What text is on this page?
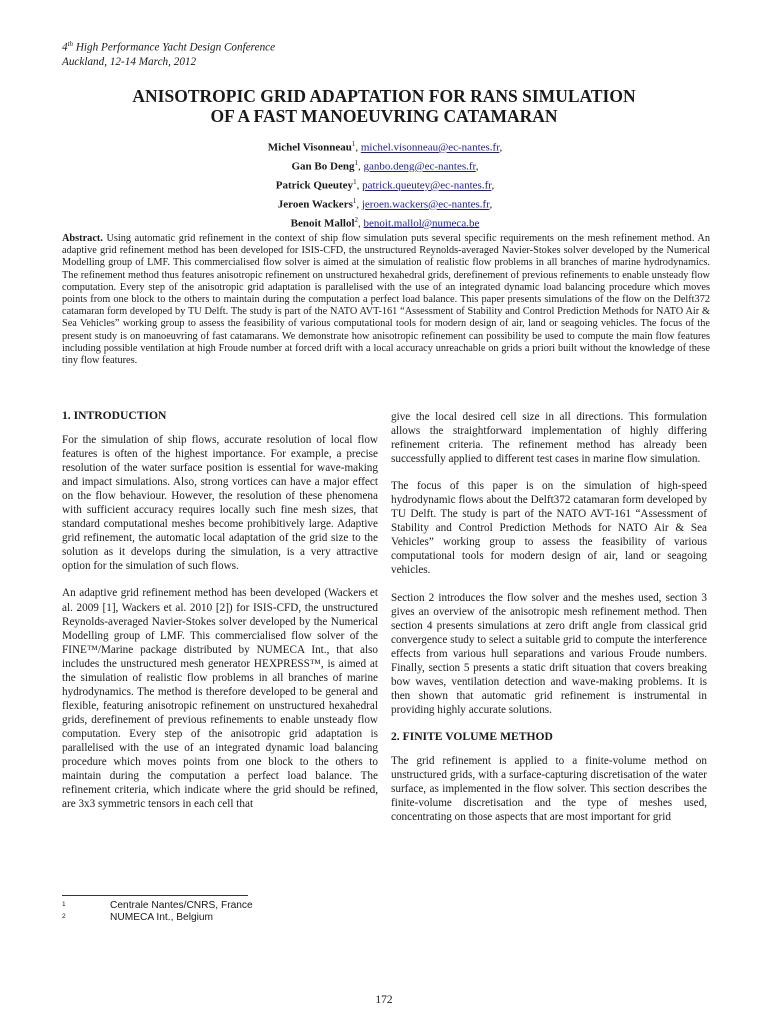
4th High Performance Yacht Design Conference
Auckland, 12-14 March, 2012
ANISOTROPIC GRID ADAPTATION FOR RANS SIMULATION
OF A FAST MANOEUVRING CATAMARAN
Michel Visonneau$^1$, michel.visonneau@ec-nantes.fr,
Gan Bo Deng$^1$, ganbo.deng@ec-nantes.fr,
Patrick Queutey$^1$, patrick.queutey@ec-nantes.fr,
Jeroen Wackers$^1$, jeroen.wackers@ec-nantes.fr,
Benoit Mallol$^2$, benoit.mallol@numeca.be
Abstract. Using automatic grid refinement in the context of ship flow simulation puts several specific requirements on the mesh refinement method. An adaptive grid refinement method has been developed for ISIS-CFD, the unstructured Reynolds-averaged Navier-Stokes solver developed by the Numerical Modelling group of LMF. This commercialised flow solver is aimed at the simulation of realistic flow problems in all branches of marine hydrodynamics. The refinement method thus features anisotropic refinement on unstructured hexahedral grids, derefinement of previous refinements to enable unsteady flow computation. Every step of the anisotropic grid adaptation is parallelised with the use of an integrated dynamic load balancing procedure which moves points from one block to the others to maintain during the computation a perfect load balance. This paper presents simulations of the flow on the Delft372 catamaran form developed by TU Delft. The study is part of the NATO AVT-161 “Assessment of Stability and Control Prediction Methods for NATO Air & Sea Vehicles” working group to assess the feasibility of various computational tools for modern design of air, land or seagoing vehicles. The focus of the present study is on manoeuvring of fast catamarans. We demonstrate how anisotropic refinement can possibility be used to compute the main flow features including possible ventilation at high Froude number at forced drift with a local accuracy unreachable on grids a priori built without the knowledge of these tiny flow features.
1. INTRODUCTION

For the simulation of ship flows, accurate resolution of local flow features is often of the highest importance. For example, a precise resolution of the water surface position is essential for wave-making and impact simulations. Also, strong vortices can have a major effect on the flow behaviour. However, the resolution of these phenomena with sufficient accuracy requires locally such fine mesh sizes, that standard computational meshes become prohibitively large. Adaptive grid refinement, the automatic local adaptation of the grid size to the solution as it develops during the simulation, is a very attractive option for the simulation of such flows.

An adaptive grid refinement method has been developed (Wackers et al. 2009 [1], Wackers et al. 2010 [2]) for ISIS-CFD, the unstructured Reynolds-averaged Navier-Stokes solver developed by the Numerical Modelling group of LMF. This commercialised flow solver of the FINE™/Marine package distributed by NUMECA Int., that also includes the unstructured mesh generator HEXPRESS™, is aimed at the simulation of realistic flow problems in all branches of marine hydrodynamics. The method is therefore developed to be general and flexible, featuring anisotropic refinement on unstructured hexahedral grids, derefinement of previous refinements to enable unsteady flow computation. Every step of the anisotropic grid adaptation is parallelised with the use of an integrated dynamic load balancing procedure which moves points from one block to the others to maintain during the computation a perfect load balance. The refinement criteria, which indicate where the grid should be refined, are 3x3 symmetric tensors in each cell that

give the local desired cell size in all directions. This formulation allows the straightforward implementation of highly differing refinement criteria. The refinement method has already been successfully applied to different test cases in marine flow simulation.

The focus of this paper is on the simulation of high-speed hydrodynamic flows about the Delft372 catamaran form developed by TU Delft. The study is part of the NATO AVT-161 “Assessment of Stability and Control Prediction Methods for NATO Air & Sea Vehicles” working group to assess the feasibility of various computational tools for modern design of air, land or seagoing vehicles.

Section 2 introduces the flow solver and the meshes used, section 3 gives an overview of the anisotropic mesh refinement method. Then section 4 presents simulations at zero drift angle from classical grid convergence study to select a suitable grid to compute the interference effects from various hull separations and various Froude numbers. Finally, section 5 presents a static drift situation that covers breaking bow waves, ventilation detection and wave-making problems. It is then shown that automatic grid refinement is instrumental in providing highly accurate solutions.

2. FINITE VOLUME METHOD

The grid refinement is applied to a finite-volume method on unstructured grids, with a surface-capturing discretisation of the water surface, as implemented in the flow solver. This section describes the finite-volume discretisation and the type of meshes used, concentrating on those aspects that are most important for grid

1	Centrale Nantes/CNRS, France
2	NUMECA Int., Belgium
172
